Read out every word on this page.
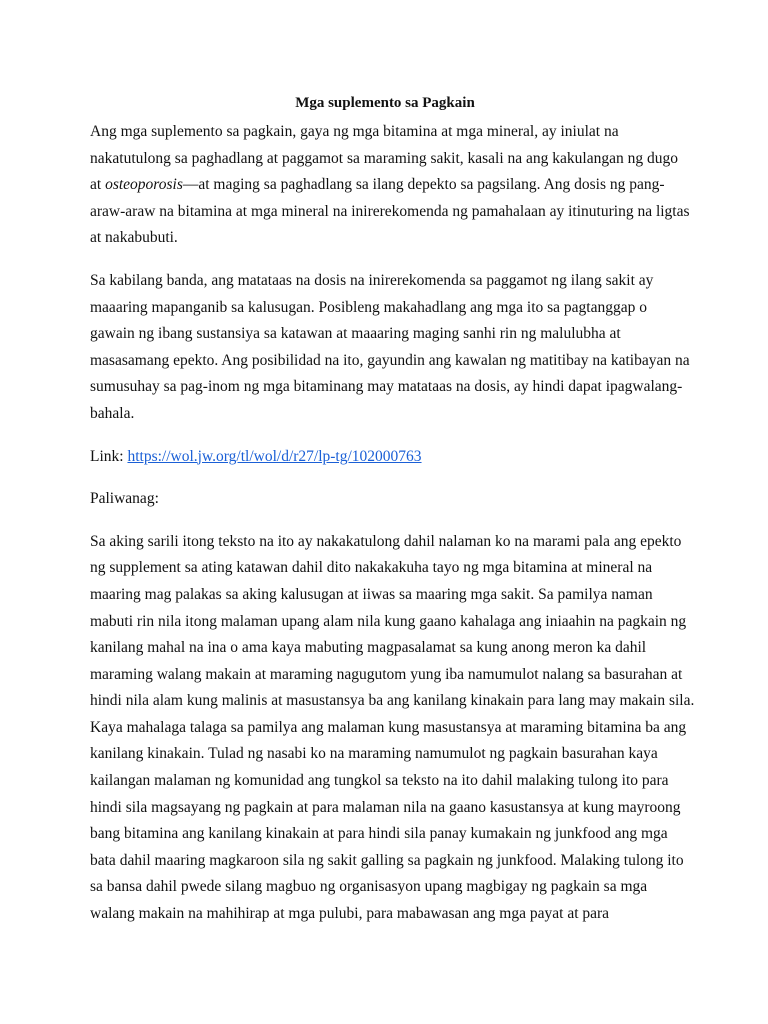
Mga suplemento sa Pagkain
Ang mga suplemento sa pagkain, gaya ng mga bitamina at mga mineral, ay iniulat na
nakatutulong sa paghadlang at paggamot sa maraming sakit, kasali na ang kakulangan ng dugo
at osteoporosis—at maging sa paghadlang sa ilang depekto sa pagsilang. Ang dosis ng pang-
araw-araw na bitamina at mga mineral na inirerekomenda ng pamahalaan ay itinuturing na ligtas
at nakabubuti.
Sa kabilang banda, ang matataas na dosis na inirerekomenda sa paggamot ng ilang sakit ay
maaaring mapanganib sa kalusugan. Posibleng makahadlang ang mga ito sa pagtanggap o
gawain ng ibang sustansiya sa katawan at maaaring maging sanhi rin ng malulubha at
masasamang epekto. Ang posibilidad na ito, gayundin ang kawalan ng matitibay na katibayan na
sumusuhay sa pag-inom ng mga bitaminang may matataas na dosis, ay hindi dapat ipagwalang-
bahala.
Link: https://wol.jw.org/tl/wol/d/r27/lp-tg/102000763
Paliwanag:
Sa aking sarili itong teksto na ito ay nakakatulong dahil nalaman ko na marami pala ang epekto
ng supplement sa ating katawan dahil dito nakakakuha tayo ng mga bitamina at mineral na
maaring mag palakas sa aking kalusugan at iiwas sa maaring mga sakit. Sa pamilya naman
mabuti rin nila itong malaman upang alam nila kung gaano kahalaga ang iniaahin na pagkain ng
kanilang mahal na ina o ama kaya mabuting magpasalamat sa kung anong meron ka dahil
maraming walang makain at maraming nagugutom yung iba namumulot nalang sa basurahan at
hindi nila alam kung malinis at masustansya ba ang kanilang kinakain para lang may makain sila.
Kaya mahalaga talaga sa pamilya ang malaman kung masustansya at maraming bitamina ba ang
kanilang kinakain. Tulad ng nasabi ko na maraming namumulot ng pagkain basurahan kaya
kailangan malaman ng komunidad ang tungkol sa teksto na ito dahil malaking tulong ito para
hindi sila magsayang ng pagkain at para malaman nila na gaano kasustansya at kung mayroong
bang bitamina ang kanilang kinakain at para hindi sila panay kumakain ng junkfood ang mga
bata dahil maaring magkaroon sila ng sakit galling sa pagkain ng junkfood. Malaking tulong ito
sa bansa dahil pwede silang magbuo ng organisasyon upang magbigay ng pagkain sa mga
walang makain na mahihirap at mga pulubi, para mabawasan ang mga payat at para
